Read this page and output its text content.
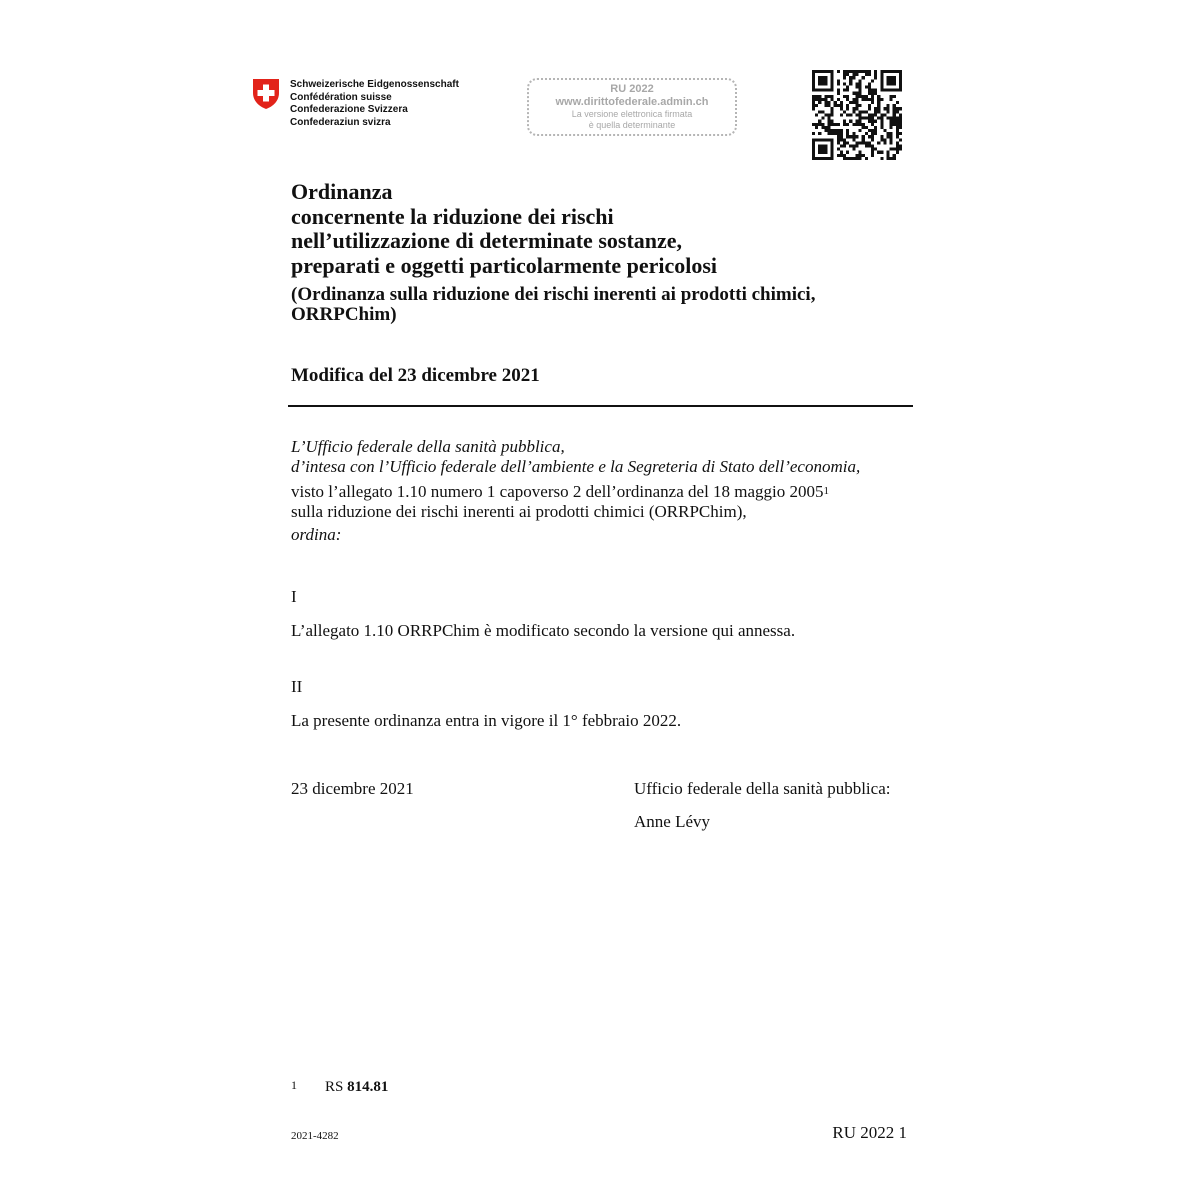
Schweizerische Eidgenossenschaft
Confédération suisse
Confederazione Svizzera
Confederaziun svizra
RU 2022
www.dirittofederale.admin.ch
La versione elettronica firmata
è quella determinante
Ordinanza
concernente la riduzione dei rischi
nell’utilizzazione di determinate sostanze,
preparati e oggetti particolarmente pericolosi
(Ordinanza sulla riduzione dei rischi inerenti ai prodotti chimici,
ORRPChim)
Modifica del 23 dicembre 2021
L’Ufficio federale della sanità pubblica,
d’intesa con l’Ufficio federale dell’ambiente e la Segreteria di Stato dell’economia,
visto l’allegato 1.10 numero 1 capoverso 2 dell’ordinanza del 18 maggio 2005$^1$
sulla riduzione dei rischi inerenti ai prodotti chimici (ORRPChim),
ordina:
I
L’allegato 1.10 ORRPChim è modificato secondo la versione qui annessa.
II
La presente ordinanza entra in vigore il 1° febbraio 2022.
23 dicembre 2021	Ufficio federale della sanità pubblica:
Anne Lévy
1 RS 814.81
2021-4282	RU 2022 1
